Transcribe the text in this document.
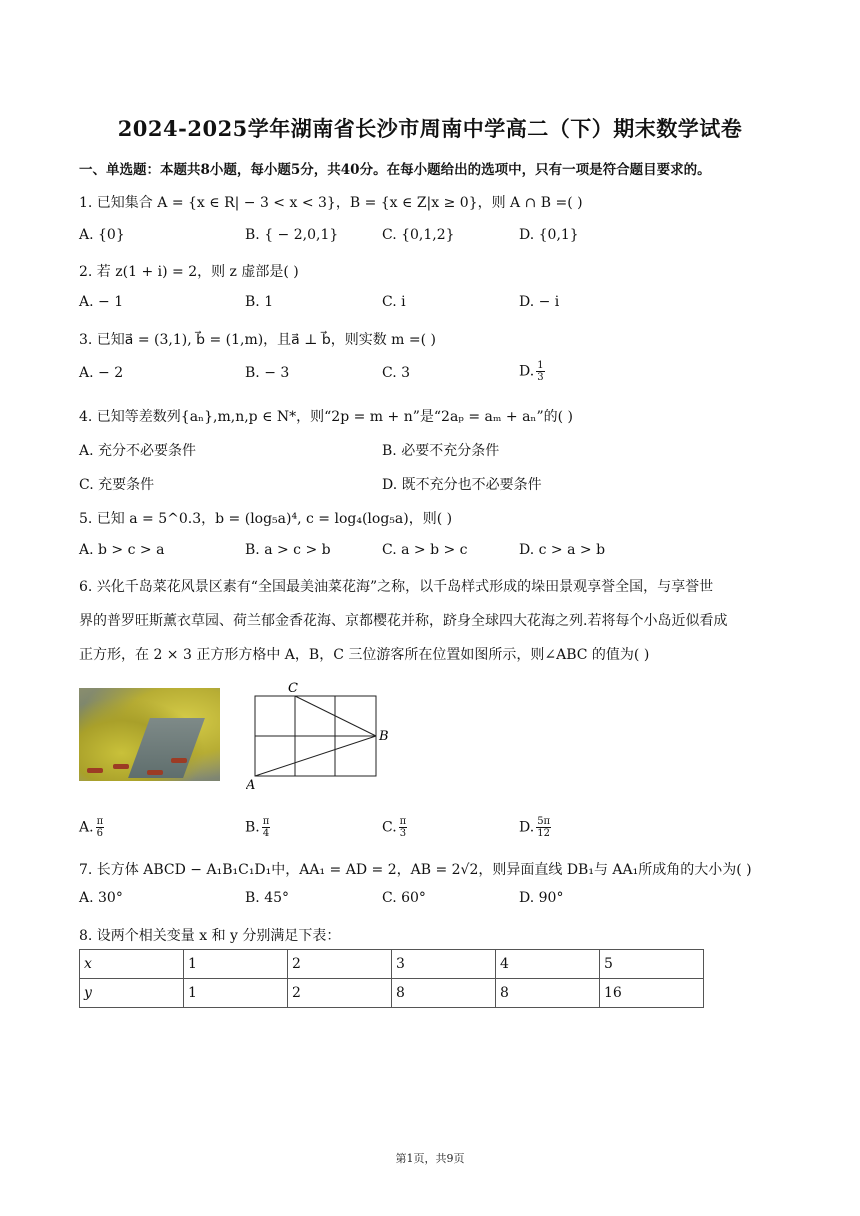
2024-2025学年湖南省长沙市周南中学高二（下）期末数学试卷
一、单选题：本题共8小题，每小题5分，共40分。在每小题给出的选项中，只有一项是符合题目要求的。
1. 已知集合 A = {x ∈ R| − 3 < x < 3}，B = {x ∈ Z|x ≥ 0}，则 A ∩ B =( )
A. {0}	B. { − 2,0,1}	C. {0,1,2}	D. {0,1}
2. 若 z(1 + i) = 2，则 z 虚部是( )
A. − 1	B. 1	C. i	D. − i
3. 已知a⃗ = (3,1), b⃗ = (1,m)，且a⃗ ⊥ b⃗，则实数 m =( )
A. − 2	B. − 3	C. 3	D. $\frac{1}{3}$
4. 已知等差数列{aₙ},m,n,p ∈ N*，则“2p = m + n”是“2aₚ = aₘ + aₙ”的( )
A. 充分不必要条件	B. 必要不充分条件
C. 充要条件	D. 既不充分也不必要条件
5. 已知 a = 5^0.3，b = (log₅a)⁴, c = log₄(log₅a)，则( )
A. b > c > a	B. a > c > b	C. a > b > c	D. c > a > b
6. 兴化千岛菜花风景区素有“全国最美油菜花海”之称，以千岛样式形成的垛田景观享誉全国，与享誉世
界的普罗旺斯薰衣草园、荷兰郁金香花海、京都樱花并称，跻身全球四大花海之列.若将每个小岛近似看成
正方形，在 2 × 3 正方形方格中 A，B，C 三位游客所在位置如图所示，则∠ABC 的值为( )
C
B
A
A. $\frac{\pi}{6}$	B. $\frac{\pi}{4}$	C. $\frac{\pi}{3}$	D. $\frac{5\pi}{12}$
7. 长方体 ABCD − A₁B₁C₁D₁中，AA₁ = AD = 2，AB = 2√2，则异面直线 DB₁与 AA₁所成角的大小为( )
A. 30°	B. 45°	C. 60°	D. 90°
8. 设两个相关变量 x 和 y 分别满足下表：
x	1	2	3	4	5
y	1	2	8	8	16
第1页，共9页
